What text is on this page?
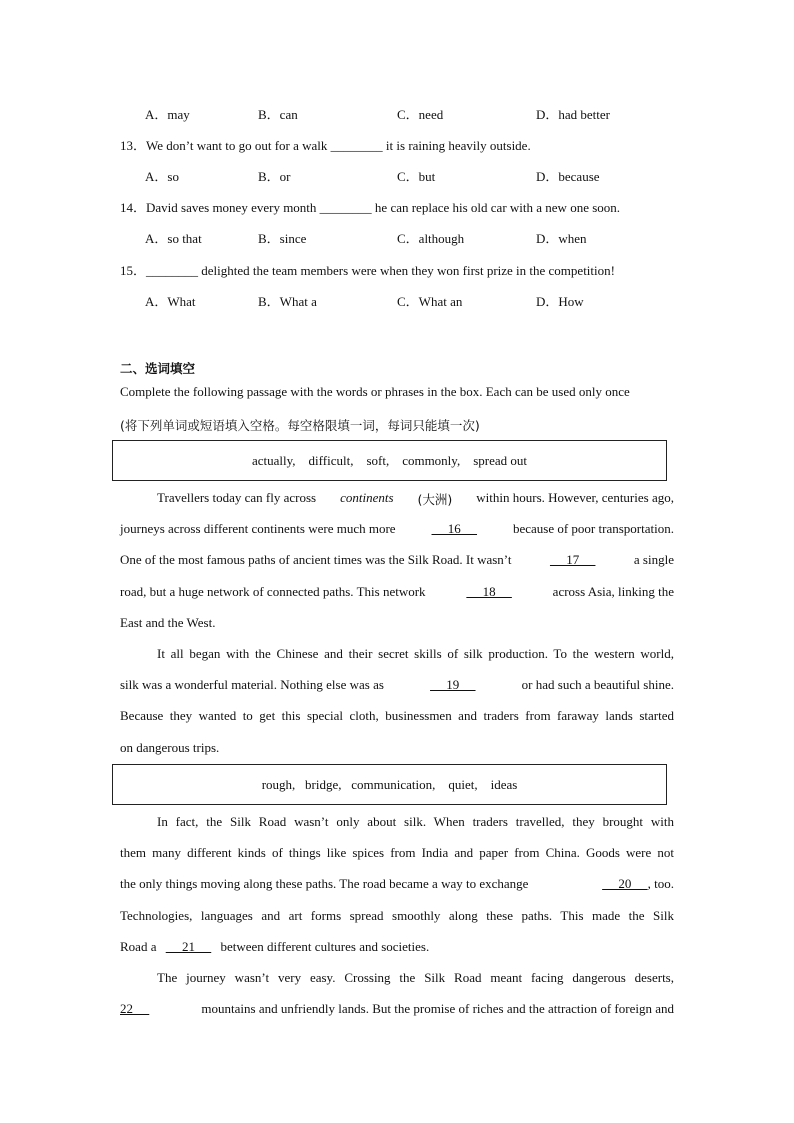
A．may	B．can	C．need	D．had better
13．We don’t want to go out for a walk ________ it is raining heavily outside.
A．so	B．or	C．but	D．because
14．David saves money every month ________ he can replace his old car with a new one soon.
A．so that	B．since	C．although	D．when
15．________ delighted the team members were when they won first prize in the competition!
A．What	B．What a	C．What an	D．How
二、选词填空
Complete the following passage with the words or phrases in the box. Each can be used only once
(将下列单词或短语填入空格。每空格限填一词，每词只能填一次)
actually,    difficult,    soft,    commonly,    spread out
Travellers today can fly across continents (大洲) within hours. However, centuries ago,
journeys across different continents were much more	16	because of poor transportation.
One of the most famous paths of ancient times was the Silk Road. It wasn’t	17	a single
road, but a huge network of connected paths. This network	18	across Asia, linking the
East and the West.
It all began with the Chinese and their secret skills of silk production. To the western world,
silk was a wonderful material. Nothing else was as	19	or had such a beautiful shine.
Because they wanted to get this special cloth, businessmen and traders from faraway lands started
on dangerous trips.
rough,   bridge,   communication,    quiet,    ideas
In fact, the Silk Road wasn’t only about silk. When traders travelled, they brought with
them many different kinds of things like spices from India and paper from China. Goods were not
the only things moving along these paths. The road became a way to exchange	20 , too.
Technologies, languages and art forms spread smoothly along these paths. This made the Silk
Road a      21      between different cultures and societies.
The journey wasn’t very easy. Crossing the Silk Road meant facing dangerous deserts,
22	mountains and unfriendly lands. But the promise of riches and the attraction of foreign and
